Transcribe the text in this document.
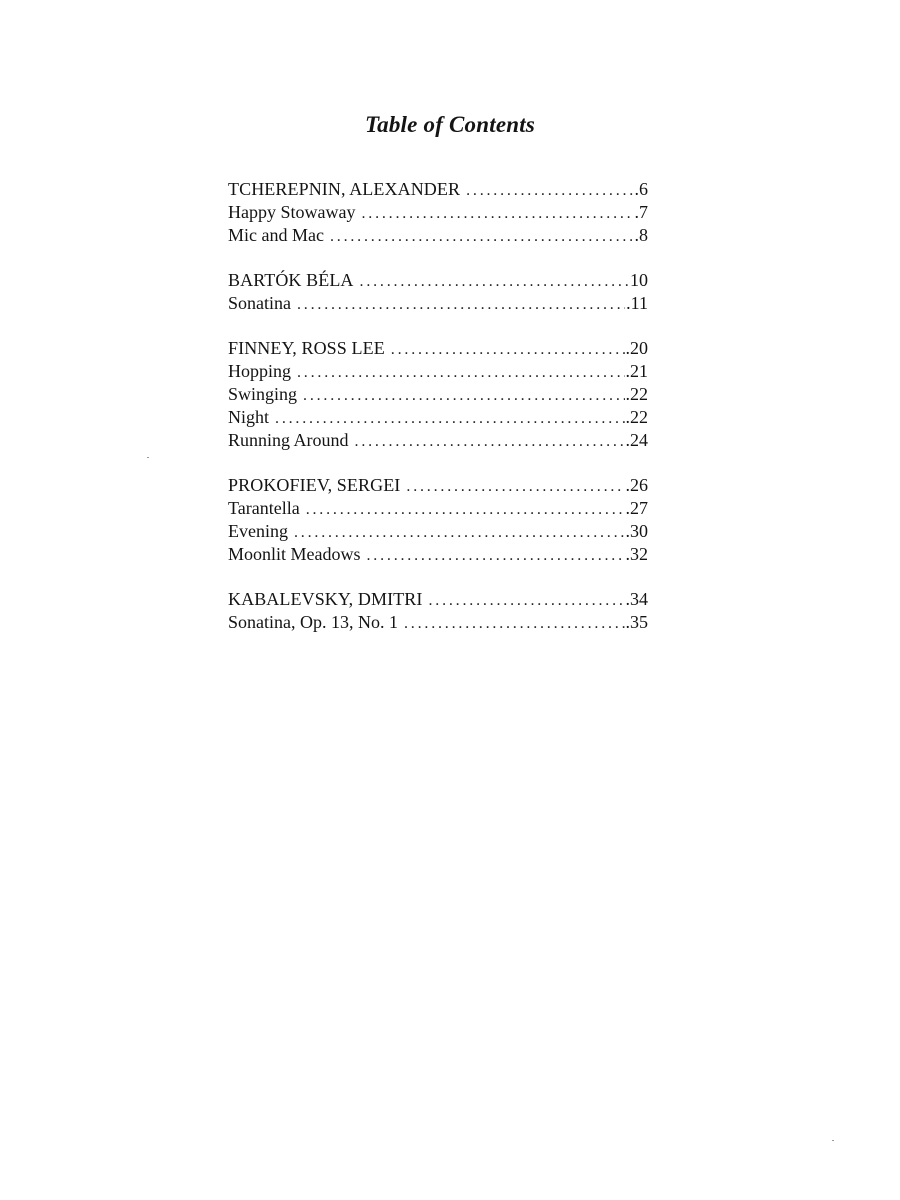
Table of Contents
TCHEREPNIN, ALEXANDER . . .	.6
Happy Stowaway . . .	.7
Mic and Mac . . .	.8
BARTÓK BÉLA . . .	10
Sonatina . . .	.11
FINNEY, ROSS LEE . . .	.20
Hopping . . .	.21
Swinging . . .	.22
Night . . .	.22
Running Around . . .	.24
PROKOFIEV, SERGEI . . .	.26
Tarantella . . .	.27
Evening . . .	.30
Moonlit Meadows . . .	.32
KABALEVSKY, DMITRI . . .	.34
Sonatina, Op. 13, No. 1 . . .	.35
